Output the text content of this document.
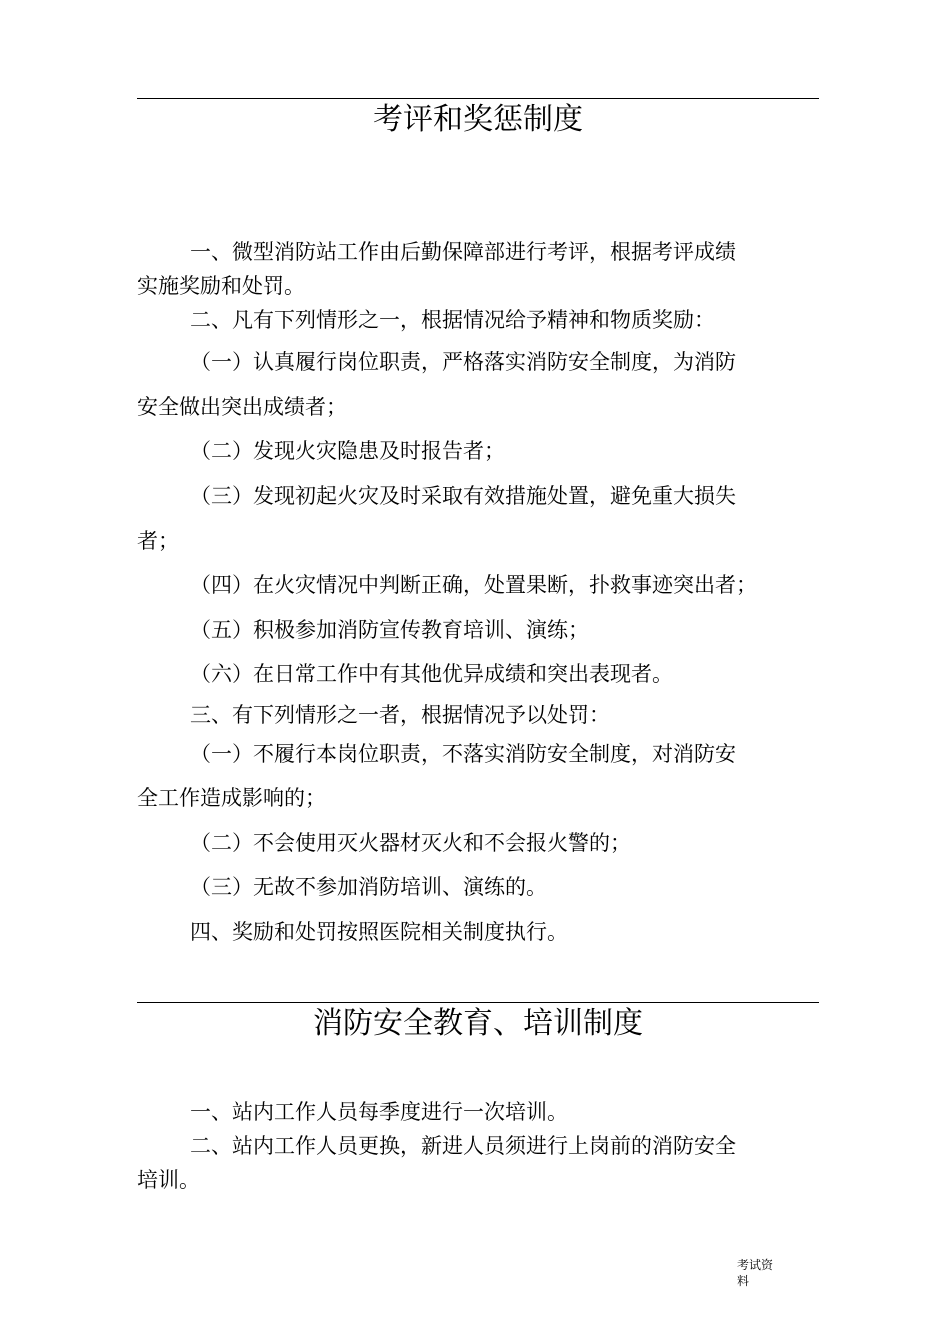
考评和奖惩制度
一、微型消防站工作由后勤保障部进行考评，根据考评成绩
实施奖励和处罚。
二、凡有下列情形之一，根据情况给予精神和物质奖励：
（一）认真履行岗位职责，严格落实消防安全制度，为消防
安全做出突出成绩者；
（二）发现火灾隐患及时报告者；
（三）发现初起火灾及时采取有效措施处置，避免重大损失
者；
（四）在火灾情况中判断正确，处置果断，扑救事迹突出者；
（五）积极参加消防宣传教育培训、演练；
（六）在日常工作中有其他优异成绩和突出表现者。
三、有下列情形之一者，根据情况予以处罚：
（一）不履行本岗位职责，不落实消防安全制度，对消防安
全工作造成影响的；
（二）不会使用灭火器材灭火和不会报火警的；
（三）无故不参加消防培训、演练的。
四、奖励和处罚按照医院相关制度执行。
消防安全教育、培训制度
一、站内工作人员每季度进行一次培训。
二、站内工作人员更换，新进人员须进行上岗前的消防安全
培训。
考试资
料
